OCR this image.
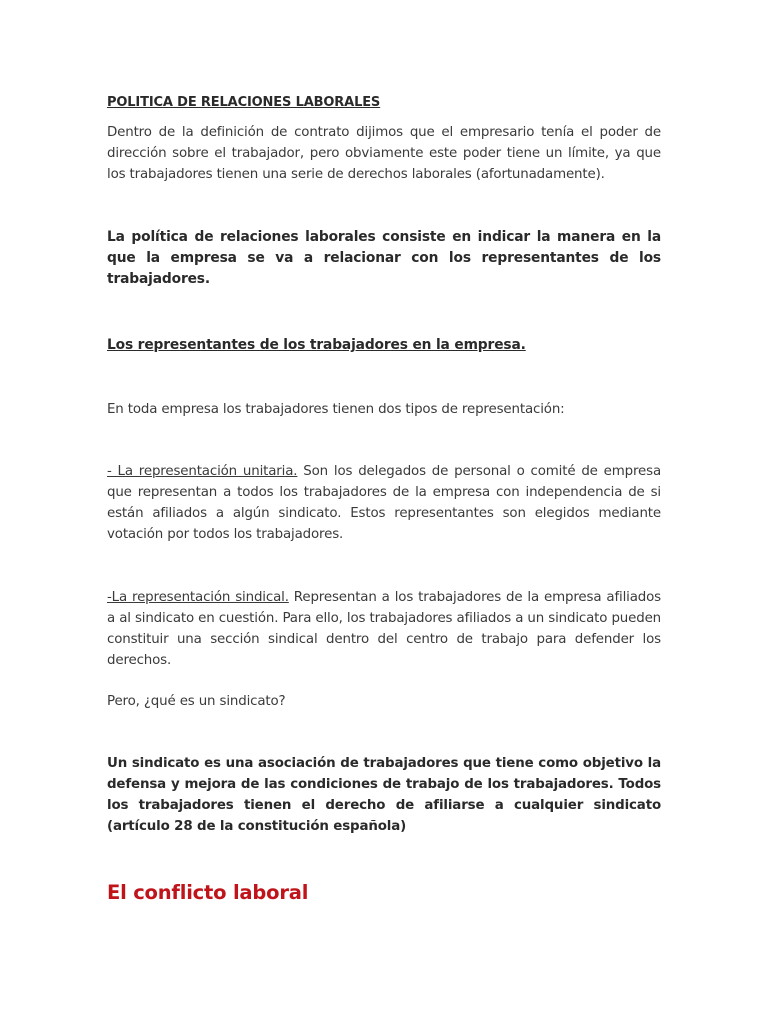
POLITICA DE RELACIONES LABORALES
Dentro de la definición de contrato dijimos que el empresario tenía el poder de dirección sobre el trabajador, pero obviamente este poder tiene un límite, ya que los trabajadores tienen una serie de derechos laborales (afortunadamente).
La política de relaciones laborales consiste en indicar la manera en la que la empresa se va a relacionar con los representantes de los trabajadores.
Los representantes de los trabajadores en la empresa.
En toda empresa los trabajadores tienen dos tipos de representación:
- La representación unitaria. Son los delegados de personal o comité de empresa que representan a todos los trabajadores de la empresa con independencia de si están afiliados a algún sindicato. Estos representantes son elegidos mediante votación por todos los trabajadores.
-La representación sindical. Representan a los trabajadores de la empresa afiliados a al sindicato en cuestión. Para ello, los trabajadores afiliados a un sindicato pueden constituir una sección sindical dentro del centro de trabajo para defender los derechos.
Pero, ¿qué es un sindicato?
Un sindicato es una asociación de trabajadores que tiene como objetivo la defensa y mejora de las condiciones de trabajo de los trabajadores. Todos los trabajadores tienen el derecho de afiliarse a cualquier sindicato (artículo 28 de la constitución española)
El conflicto laboral
